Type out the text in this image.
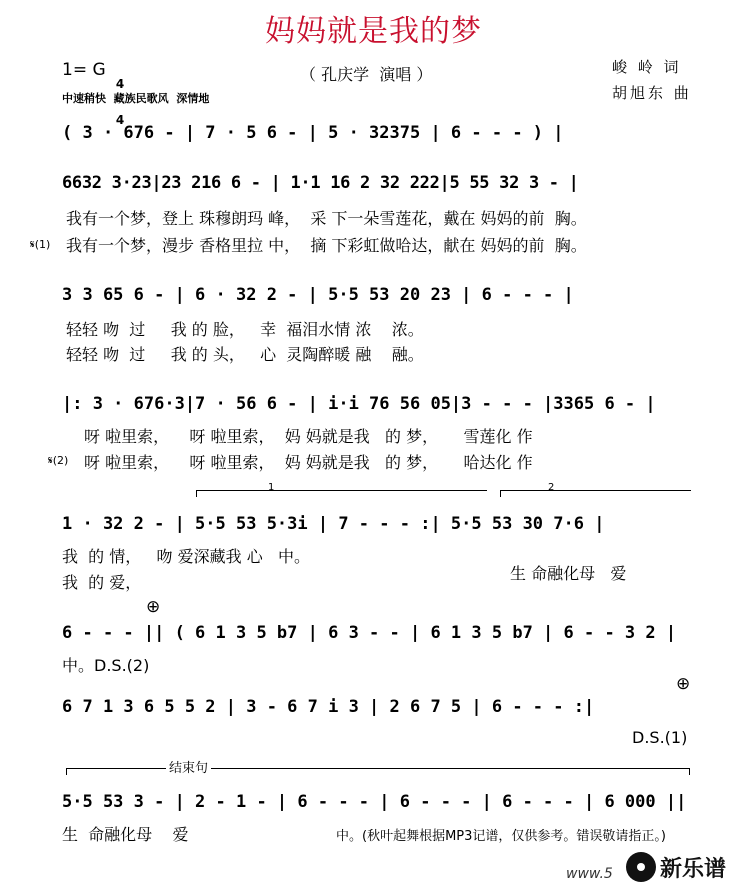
妈妈就是我的梦
1= G

4

4

（ 孔庆学  演唱 ）	峻 岭 词
胡旭东 曲
中速稍快  藏族民歌风  深情地
( 3 · 676 - | 7 · 5 6 - | 5 · 32375 | 6 - - - ) |
6632 3·23|23 216 6 - | 1·1 16 2 32 222|5 55 32 3 - |
我有一个梦，登上 珠穆朗玛 峰，  采 下一朵雪莲花，戴在 妈妈的前  胸。
𝄋(1) 我有一个梦，漫步 香格里拉 中，  摘 下彩虹做哈达，献在 妈妈的前  胸。
3 3 65 6 - | 6 · 32 2 - | 5·5 53 20 23 | 6 - - - |
轻轻 吻  过     我 的 脸，   幸  福泪水情 浓    浓。
轻轻 吻  过     我 的 头，   心  灵陶醉暖 融    融。
|: 3 · 676·3|7 · 56 6 - | i·i 76 56 05|3 - - - |3365 6 - |
呀 啦里索，    呀 啦里索，  妈 妈就是我   的 梦，     雪莲化 作
𝄋(2) 呀 啦里索，    呀 啦里索，  妈 妈就是我   的 梦，     哈达化 作
1	2
1 · 32 2 - | 5·5 53 5·3i | 7 - - - :| 5·5 53 30 7·6 |
我  的 情，   吻 爱深藏我 心   中。
我  的 爱，	生 命融化母   爱
⊕
6 - - - || ( 6 1 3 5 b7 | 6 3 - - | 6 1 3 5 b7 | 6 - - 3 2 |
中。D.S.(2)
6 7 1 3 6 5 5 2 | 3 - 6 7 i 3 | 2 6 7 5 | 6 - - - :|
⊕
D.S.(1)
结束句
5·5 53 3 - | 2 - 1 - | 6 - - - | 6 - - - | 6 - - - | 6 000 ||
生  命融化母    爱	中。(秋叶起舞根据MP3记谱，仅供参考。错误敬请指正。)
www.5 新乐谱
